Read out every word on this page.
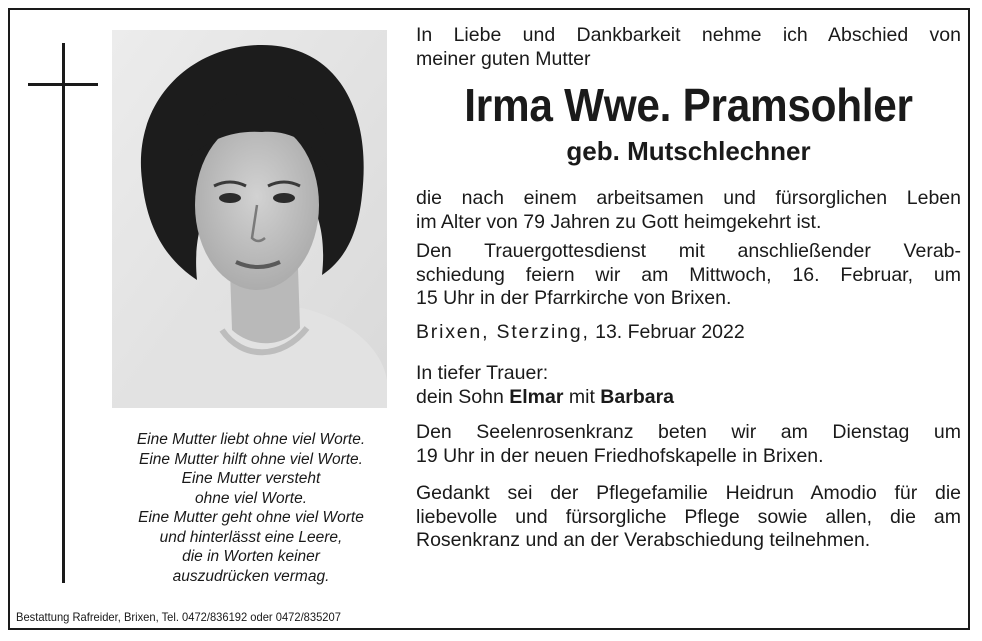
Eine Mutter liebt ohne viel Worte.
Eine Mutter hilft ohne viel Worte.
Eine Mutter versteht
ohne viel Worte.
Eine Mutter geht ohne viel Worte
und hinterlässt eine Leere,
die in Worten keiner
auszudrücken vermag.
Bestattung Rafreider, Brixen, Tel. 0472/836192 oder 0472/835207
In Liebe und Dankbarkeit nehme ich Abschied von
meiner guten Mutter
Irma Wwe. Pramsohler
geb. Mutschlechner
die nach einem arbeitsamen und fürsorglichen Leben
im Alter von 79 Jahren zu Gott heimgekehrt ist.
Den Trauergottesdienst mit anschließender Verab-
schiedung feiern wir am Mittwoch, 16. Februar, um
15 Uhr in der Pfarrkirche von Brixen.
Brixen, Sterzing, 13. Februar 2022
In tiefer Trauer:
dein Sohn Elmar mit Barbara
Den Seelenrosenkranz beten wir am Dienstag um
19 Uhr in der neuen Friedhofskapelle in Brixen.
Gedankt sei der Pflegefamilie Heidrun Amodio für die
liebevolle und fürsorgliche Pflege sowie allen, die am
Rosenkranz und an der Verabschiedung teilnehmen.
